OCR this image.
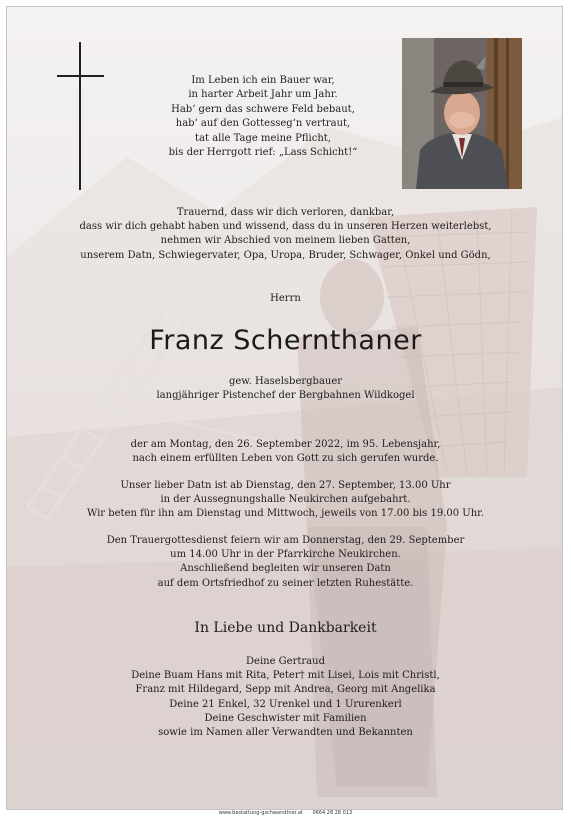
Im Leben ich ein Bauer war,
in harter Arbeit Jahr um Jahr.
Hab‘ gern das schwere Feld bebaut,
hab‘ auf den Gottesseg‘n vertraut,
tat alle Tage meine Pflicht,
bis der Herrgott rief: „Lass Schicht!“
Trauernd, dass wir dich verloren, dankbar,
dass wir dich gehabt haben und wissend, dass du in unseren Herzen weiterlebst,
nehmen wir Abschied von meinem lieben Gatten,
unserem Datn, Schwiegervater, Opa, Uropa, Bruder, Schwager, Onkel und Gödn,
Herrn
Franz Schernthaner
gew. Haselsbergbauer
langjähriger Pistenchef der Bergbahnen Wildkogel
der am Montag, den 26. September 2022, im 95. Lebensjahr,
nach einem erfüllten Leben von Gott zu sich gerufen wurde.
Unser lieber Datn ist ab Dienstag, den 27. September, 13.00 Uhr
in der Aussegnungshalle Neukirchen aufgebahrt.
Wir beten für ihn am Dienstag und Mittwoch, jeweils von 17.00 bis 19.00 Uhr.
Den Trauergottesdienst feiern wir am Donnerstag, den 29. September
um 14.00 Uhr in der Pfarrkirche Neukirchen.
Anschließend begleiten wir unseren Datn
auf dem Ortsfriedhof zu seiner letzten Ruhestätte.
In Liebe und Dankbarkeit
Deine Gertraud
Deine Buam Hans mit Rita, Peter† mit Lisei, Lois mit Christl,
Franz mit Hildegard, Sepp mit Andrea, Georg mit Angelika
Deine 21 Enkel, 32 Urenkel und 1 Ururenkerl
Deine Geschwister mit Familien
sowie im Namen aller Verwandten und Bekannten
www.bestattung-gschwandtner.at 0664 28 28 013
